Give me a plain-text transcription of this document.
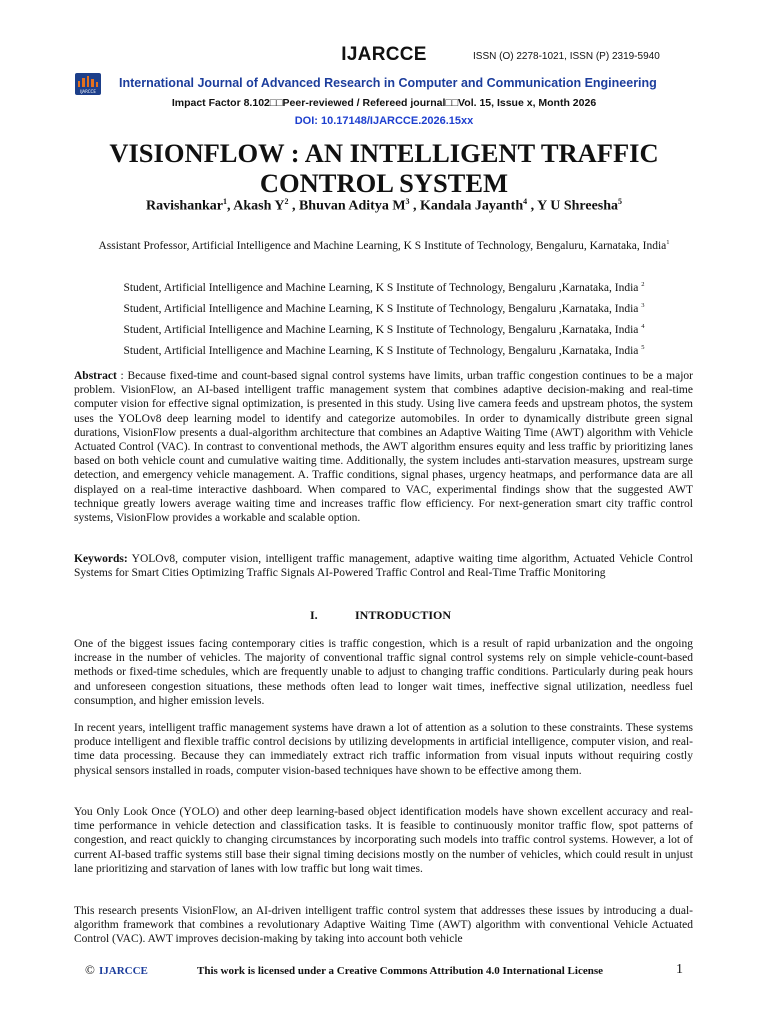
IJARCCE	ISSN (O) 2278-1021, ISSN (P) 2319-5940
IJARCCE
International Journal of Advanced Research in Computer and Communication Engineering
Impact Factor 8.102□□Peer-reviewed / Refereed journal□□Vol. 15, Issue x, Month 2026
DOI: 10.17148/IJARCCE.2026.15xx
VISIONFLOW : AN INTELLIGENT TRAFFIC
CONTROL SYSTEM
Ravishankar$^1$, Akash $Y^2$ , Bhuvan Aditya $M^3$ , Kandala Jayanth$^4$ , Y U Shreesha$^5$
Assistant Professor, Artificial Intelligence and Machine Learning, K S Institute of Technology, Bengaluru, Karnataka, India$^1$
Student, Artificial Intelligence and Machine Learning, K S Institute of Technology, Bengaluru ,Karnataka, India $^2$
Student, Artificial Intelligence and Machine Learning, K S Institute of Technology, Bengaluru ,Karnataka, India $^3$
Student, Artificial Intelligence and Machine Learning, K S Institute of Technology, Bengaluru ,Karnataka, India $^4$
Student, Artificial Intelligence and Machine Learning, K S Institute of Technology, Bengaluru ,Karnataka, India $^5$
Abstract : Because fixed-time and count-based signal control systems have limits, urban traffic congestion continues to be a major problem. VisionFlow, an AI-based intelligent traffic management system that combines adaptive decision-making and real-time computer vision for effective signal optimization, is presented in this study. Using live camera feeds and upstream photos, the system uses the YOLOv8 deep learning model to identify and categorize automobiles. In order to dynamically distribute green signal durations, VisionFlow presents a dual-algorithm architecture that combines an Adaptive Waiting Time (AWT) algorithm with Vehicle Actuated Control (VAC). In contrast to conventional methods, the AWT algorithm ensures equity and less traffic by prioritizing lanes based on both vehicle count and cumulative waiting time. Additionally, the system includes anti-starvation measures, upstream surge detection, and emergency vehicle management. A. Traffic conditions, signal phases, urgency heatmaps, and performance data are all displayed on a real-time interactive dashboard. When compared to VAC, experimental findings show that the suggested AWT technique greatly lowers average waiting time and increases traffic flow efficiency. For next-generation smart city traffic control systems, VisionFlow provides a workable and scalable option.
Keywords: YOLOv8, computer vision, intelligent traffic management, adaptive waiting time algorithm, Actuated Vehicle Control Systems for Smart Cities Optimizing Traffic Signals AI-Powered Traffic Control and Real-Time Traffic Monitoring
I.	INTRODUCTION
One of the biggest issues facing contemporary cities is traffic congestion, which is a result of rapid urbanization and the ongoing increase in the number of vehicles. The majority of conventional traffic signal control systems rely on simple vehicle-count-based methods or fixed-time schedules, which are frequently unable to adjust to changing traffic conditions. Particularly during peak hours and unforeseen congestion situations, these methods often lead to longer wait times, ineffective signal utilization, needless fuel consumption, and higher emission levels.
In recent years, intelligent traffic management systems have drawn a lot of attention as a solution to these constraints. These systems produce intelligent and flexible traffic control decisions by utilizing developments in artificial intelligence, computer vision, and real-time data processing. Because they can immediately extract rich traffic information from visual inputs without requiring costly physical sensors installed in roads, computer vision-based techniques have shown to be effective among them.
You Only Look Once (YOLO) and other deep learning-based object identification models have shown excellent accuracy and real-time performance in vehicle detection and classification tasks. It is feasible to continuously monitor traffic flow, spot patterns of congestion, and react quickly to changing circumstances by incorporating such models into traffic control systems. However, a lot of current AI-based traffic systems still base their signal timing decisions mostly on the number of vehicles, which could result in unjust lane prioritizing and starvation of lanes with low traffic but long wait times.
This research presents VisionFlow, an AI-driven intelligent traffic control system that addresses these issues by introducing a dual-algorithm framework that combines a revolutionary Adaptive Waiting Time (AWT) algorithm with conventional Vehicle Actuated Control (VAC). AWT improves decision-making by taking into account both vehicle
© IJARCCE	This work is licensed under a Creative Commons Attribution 4.0 International License	1
